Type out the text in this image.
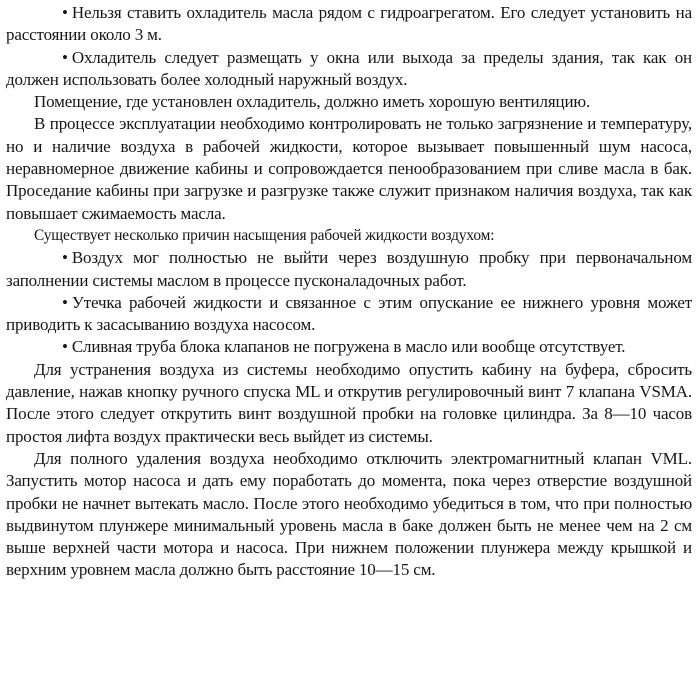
• Нельзя ставить охладитель масла рядом с гидроагрегатом. Его следует установить на расстоянии около 3 м.

• Охладитель следует размещать у окна или выхода за пределы здания, так как он должен использовать более холодный наружный воздух.

Помещение, где установлен охладитель, должно иметь хорошую вентиляцию.

В процессе эксплуатации необходимо контролировать не только загрязнение и температуру, но и наличие воздуха в рабочей жидкости, которое вызывает повышенный шум насоса, неравномерное движение кабины и сопровождается пенообразованием при сливе масла в бак. Проседание кабины при загрузке и разгрузке также служит признаком наличия воздуха, так как повышает сжимаемость масла.

Существует несколько причин насыщения рабочей жидкости воздухом:

• Воздух мог полностью не выйти через воздушную пробку при первоначальном заполнении системы маслом в процессе пусконаладочных работ.

• Утечка рабочей жидкости и связанное с этим опускание ее нижнего уровня может приводить к засасыванию воздуха насосом.

• Сливная труба блока клапанов не погружена в масло или вообще отсутствует.

Для устранения воздуха из системы необходимо опустить кабину на буфера, сбросить давление, нажав кнопку ручного спуска ML и открутив регулировочный винт 7 клапана VSMA. После этого следует открутить винт воздушной пробки на головке цилиндра. За 8—10 часов простоя лифта воздух практически весь выйдет из системы.

Для полного удаления воздуха необходимо отключить электромагнитный клапан VML. Запустить мотор насоса и дать ему поработать до момента, пока через отверстие воздушной пробки не начнет вытекать масло. После этого необходимо убедиться в том, что при полностью выдвинутом плунжере минимальный уровень масла в баке должен быть не менее чем на 2 см выше верхней части мотора и насоса. При нижнем положении плунжера между крышкой и верхним уровнем масла должно быть расстояние 10—15 см.
